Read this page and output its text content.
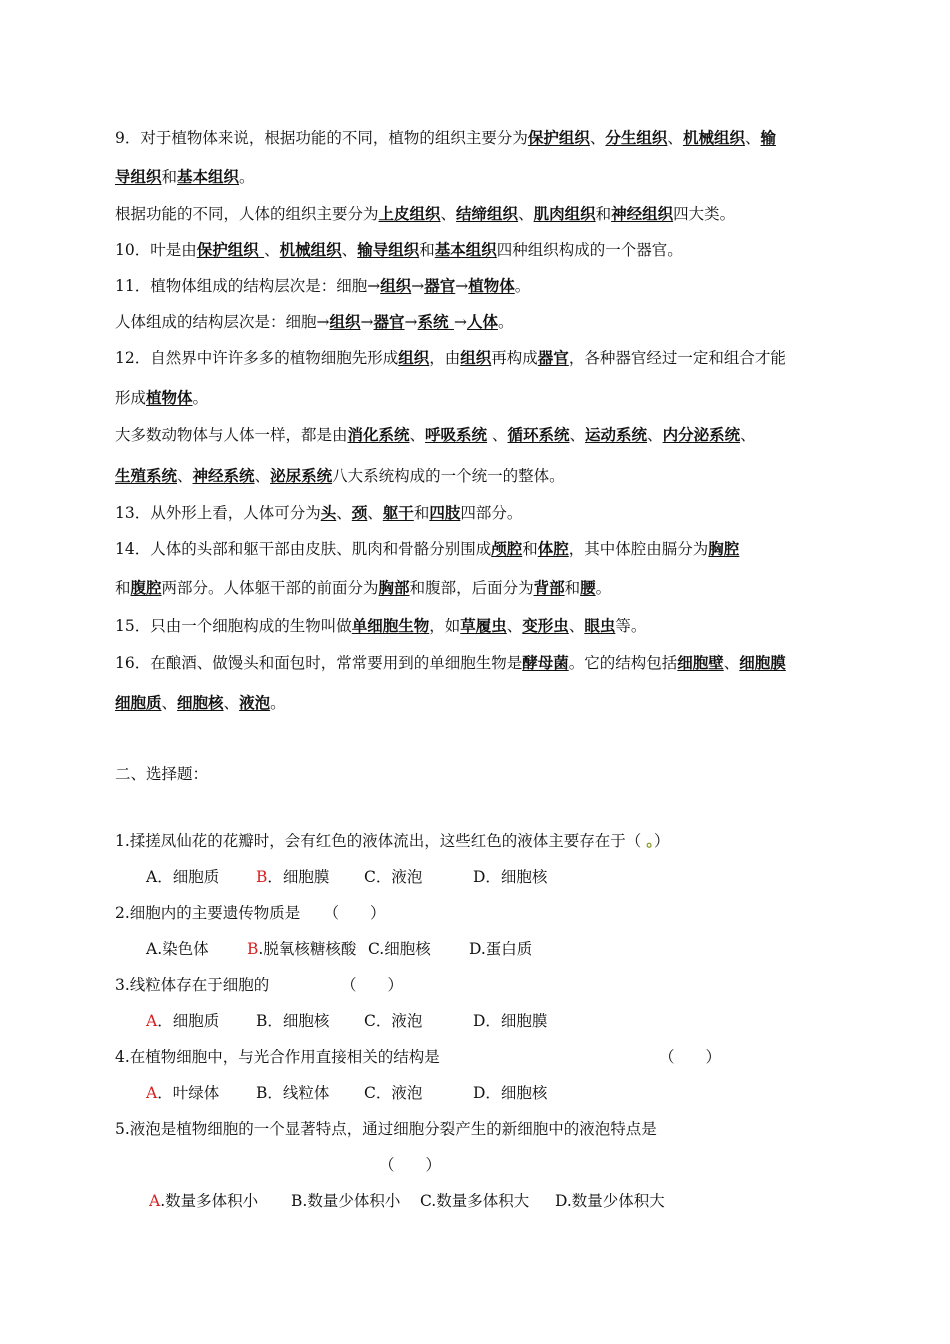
9．对于植物体来说，根据功能的不同，植物的组织主要分为保护组织、分生组织、机械组织、输
导组织和基本组织。
根据功能的不同，人体的组织主要分为上皮组织、结缔组织、肌肉组织和神经组织四大类。
10．叶是由保护组织 、机械组织、输导组织和基本组织四种组织构成的一个器官。
11．植物体组成的结构层次是：细胞→组织→器官→植物体。
人体组成的结构层次是：细胞→组织→器官→系统 →人体。
12．自然界中许许多多的植物细胞先形成组织，由组织再构成器官，各种器官经过一定和组合才能
形成植物体。
大多数动物体与人体一样，都是由消化系统、呼吸系统 、循环系统、运动系统、内分泌系统、
生殖系统、神经系统、泌尿系统八大系统构成的一个统一的整体。
13．从外形上看，人体可分为头、颈、躯干和四肢四部分。
14．人体的头部和躯干部由皮肤、肌肉和骨骼分别围成颅腔和体腔，其中体腔由膈分为胸腔
和腹腔两部分。人体躯干部的前面分为胸部和腹部，后面分为背部和腰。
15．只由一个细胞构成的生物叫做单细胞生物，如草履虫、变形虫、眼虫等。
16．在酿酒、做馒头和面包时，常常要用到的单细胞生物是酵母菌。它的结构包括细胞壁、细胞膜
细胞质、细胞核、液泡。
二、选择题：
1.揉搓凤仙花的花瓣时，会有红色的液体流出，这些红色的液体主要存在于（ 。）
A．细胞质 B．细胞膜 C．液泡	D．细胞核
2.细胞内的主要遗传物质是　　（　　）
A.染色体 B.脱氧核糖核酸 C.细胞核 D.蛋白质
3.线粒体存在于细胞的	（　　）
A．细胞质 B．细胞核 C．液泡	D．细胞膜
4.在植物细胞中，与光合作用直接相关的结构是	（　　）
A．叶绿体 B．线粒体 C．液泡	D．细胞核
5.液泡是植物细胞的一个显著特点，通过细胞分裂产生的新细胞中的液泡特点是
（　　）
A.数量多体积小 B.数量少体积小 C.数量多体积大 D.数量少体积大
